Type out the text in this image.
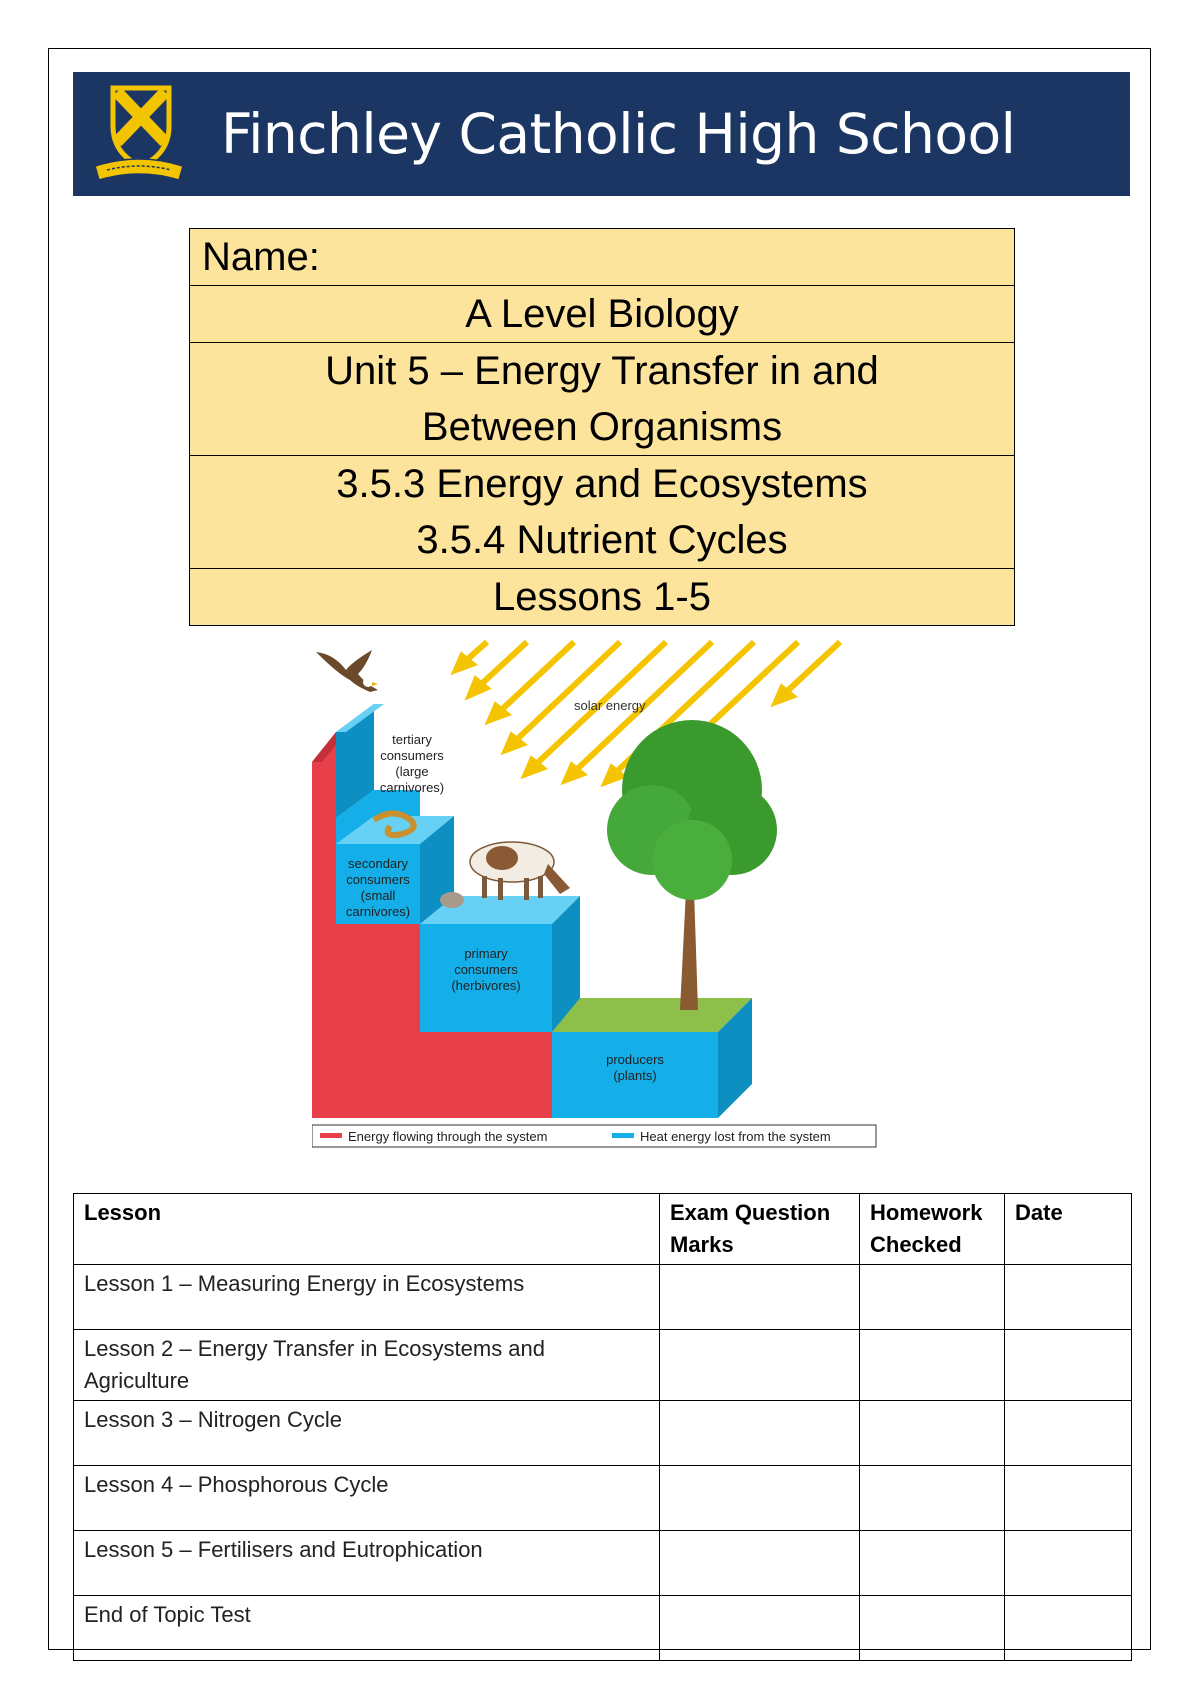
Finchley Catholic High School
Name:
A Level Biology
Unit 5 – Energy Transfer in and
Between Organisms
3.5.3 Energy and Ecosystems
3.5.4 Nutrient Cycles
Lessons 1-5
solar energy
tertiary
consumers
(large
carnivores)
secondary
consumers
(small
carnivores)
primary
consumers
(herbivores)
producers
(plants)
Energy flowing through the system	Heat energy lost from the system
Lesson	Exam Question Marks	Homework Checked	Date
Lesson 1 – Measuring Energy in Ecosystems			
Lesson 2 – Energy Transfer in Ecosystems and Agriculture			
Lesson 3 – Nitrogen Cycle			
Lesson 4 – Phosphorous Cycle			
Lesson 5 – Fertilisers and Eutrophication			
End of Topic Test			
